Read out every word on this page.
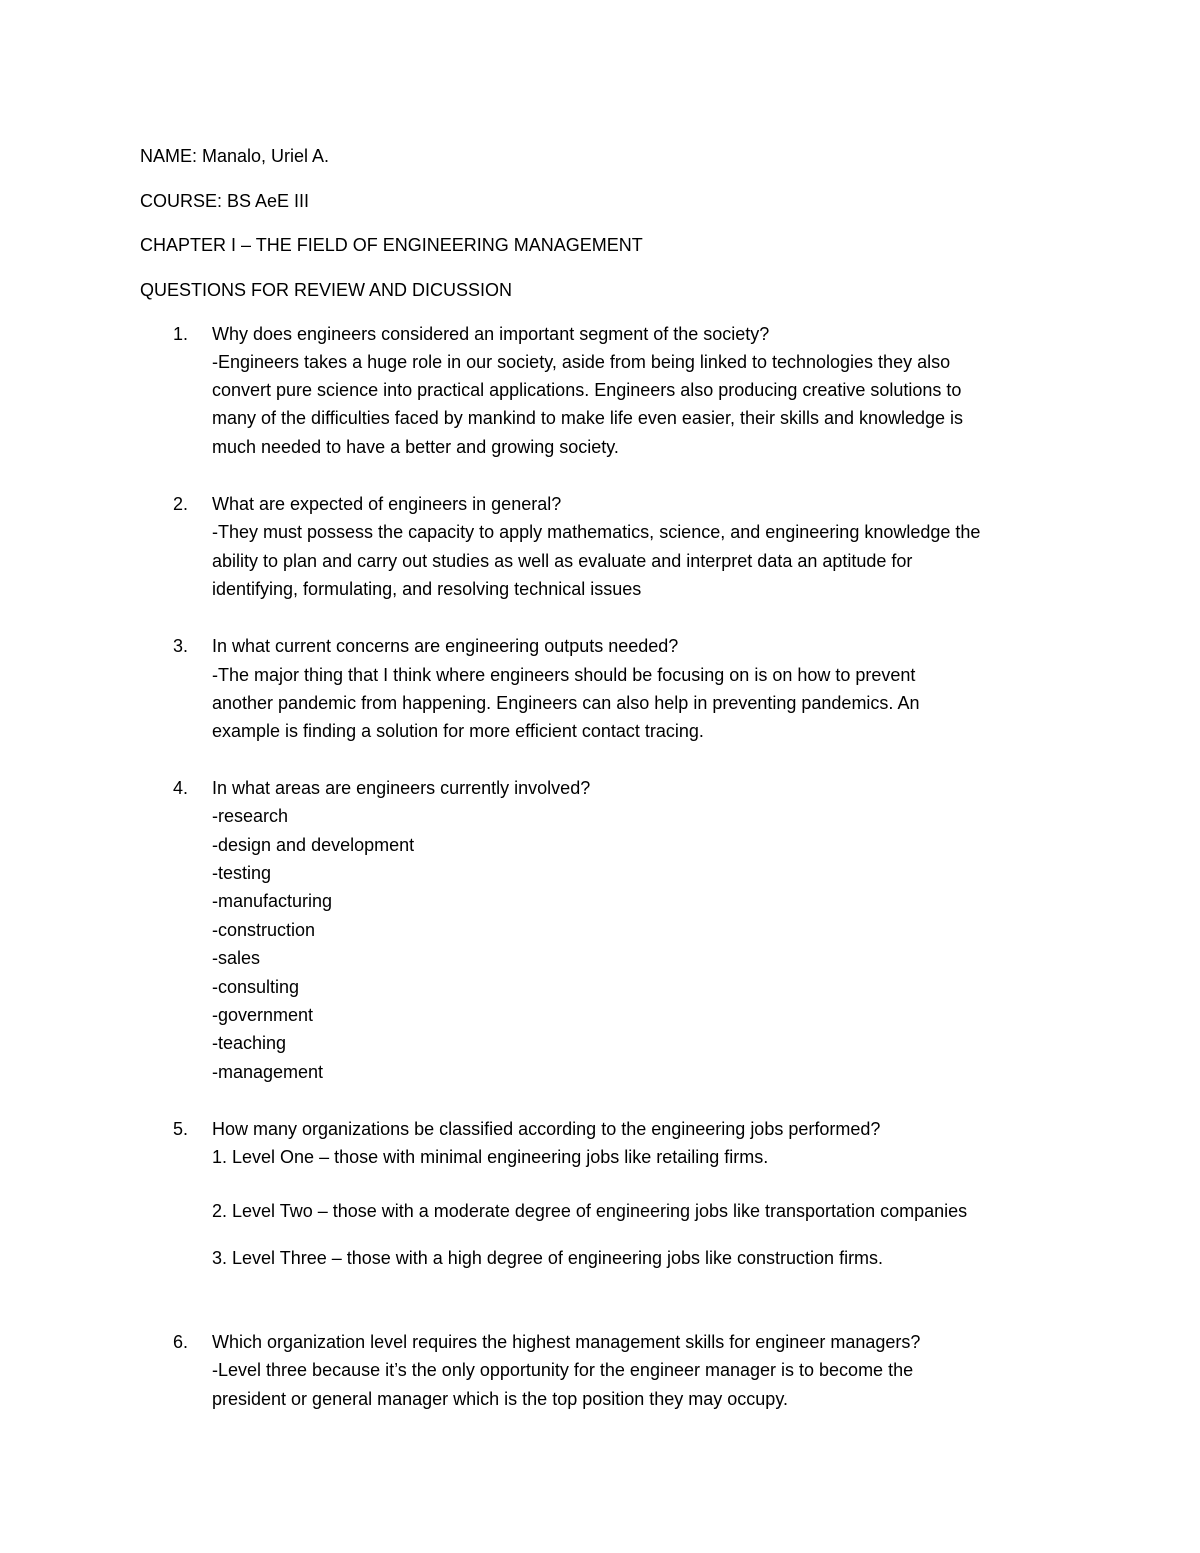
NAME: Manalo, Uriel A.
COURSE: BS AeE III
CHAPTER I – THE FIELD OF ENGINEERING MANAGEMENT
QUESTIONS FOR REVIEW AND DICUSSION
1. Why does engineers considered an important segment of the society?
-Engineers takes a huge role in our society, aside from being linked to technologies they also
convert pure science into practical applications. Engineers also producing creative solutions to
many of the difficulties faced by mankind to make life even easier, their skills and knowledge is
much needed to have a better and growing society.
2. What are expected of engineers in general?
-They must possess the capacity to apply mathematics, science, and engineering knowledge the
ability to plan and carry out studies as well as evaluate and interpret data an aptitude for
identifying, formulating, and resolving technical issues
3. In what current concerns are engineering outputs needed?
-The major thing that I think where engineers should be focusing on is on how to prevent
another pandemic from happening. Engineers can also help in preventing pandemics. An
example is finding a solution for more efficient contact tracing.
4. In what areas are engineers currently involved?
-research
-design and development
-testing
-manufacturing
-construction
-sales
-consulting
-government
-teaching
-management
5. How many organizations be classified according to the engineering jobs performed?
1. Level One – those with minimal engineering jobs like retailing firms.
2. Level Two – those with a moderate degree of engineering jobs like transportation companies
3. Level Three – those with a high degree of engineering jobs like construction firms.
6. Which organization level requires the highest management skills for engineer managers?
-Level three because it’s the only opportunity for the engineer manager is to become the
president or general manager which is the top position they may occupy.
